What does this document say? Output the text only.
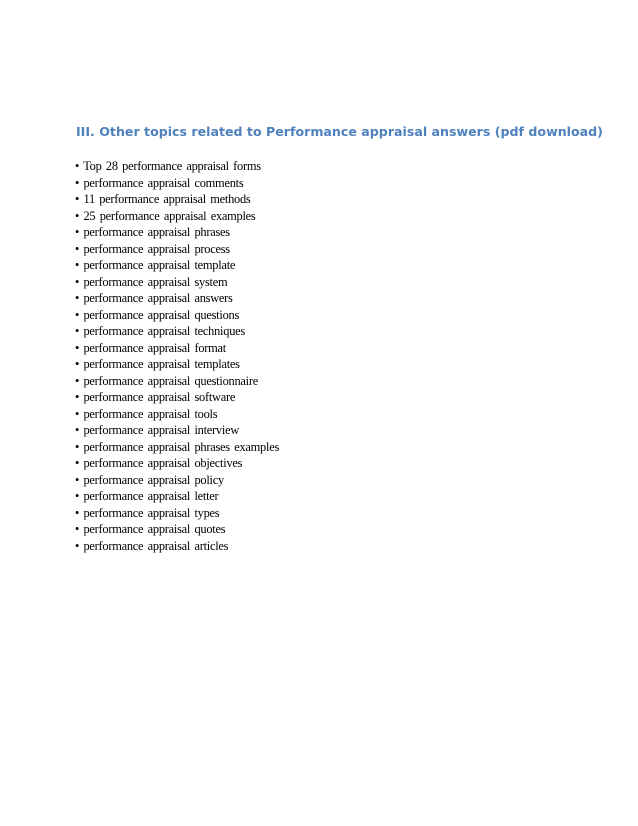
III. Other topics related to Performance appraisal answers (pdf download)
• Top 28 performance appraisal forms
• performance appraisal comments
• 11 performance appraisal methods
• 25 performance appraisal examples
• performance appraisal phrases
• performance appraisal process
• performance appraisal template
• performance appraisal system
• performance appraisal answers
• performance appraisal questions
• performance appraisal techniques
• performance appraisal format
• performance appraisal templates
• performance appraisal questionnaire
• performance appraisal software
• performance appraisal tools
• performance appraisal interview
• performance appraisal phrases examples
• performance appraisal objectives
• performance appraisal policy
• performance appraisal letter
• performance appraisal types
• performance appraisal quotes
• performance appraisal articles
